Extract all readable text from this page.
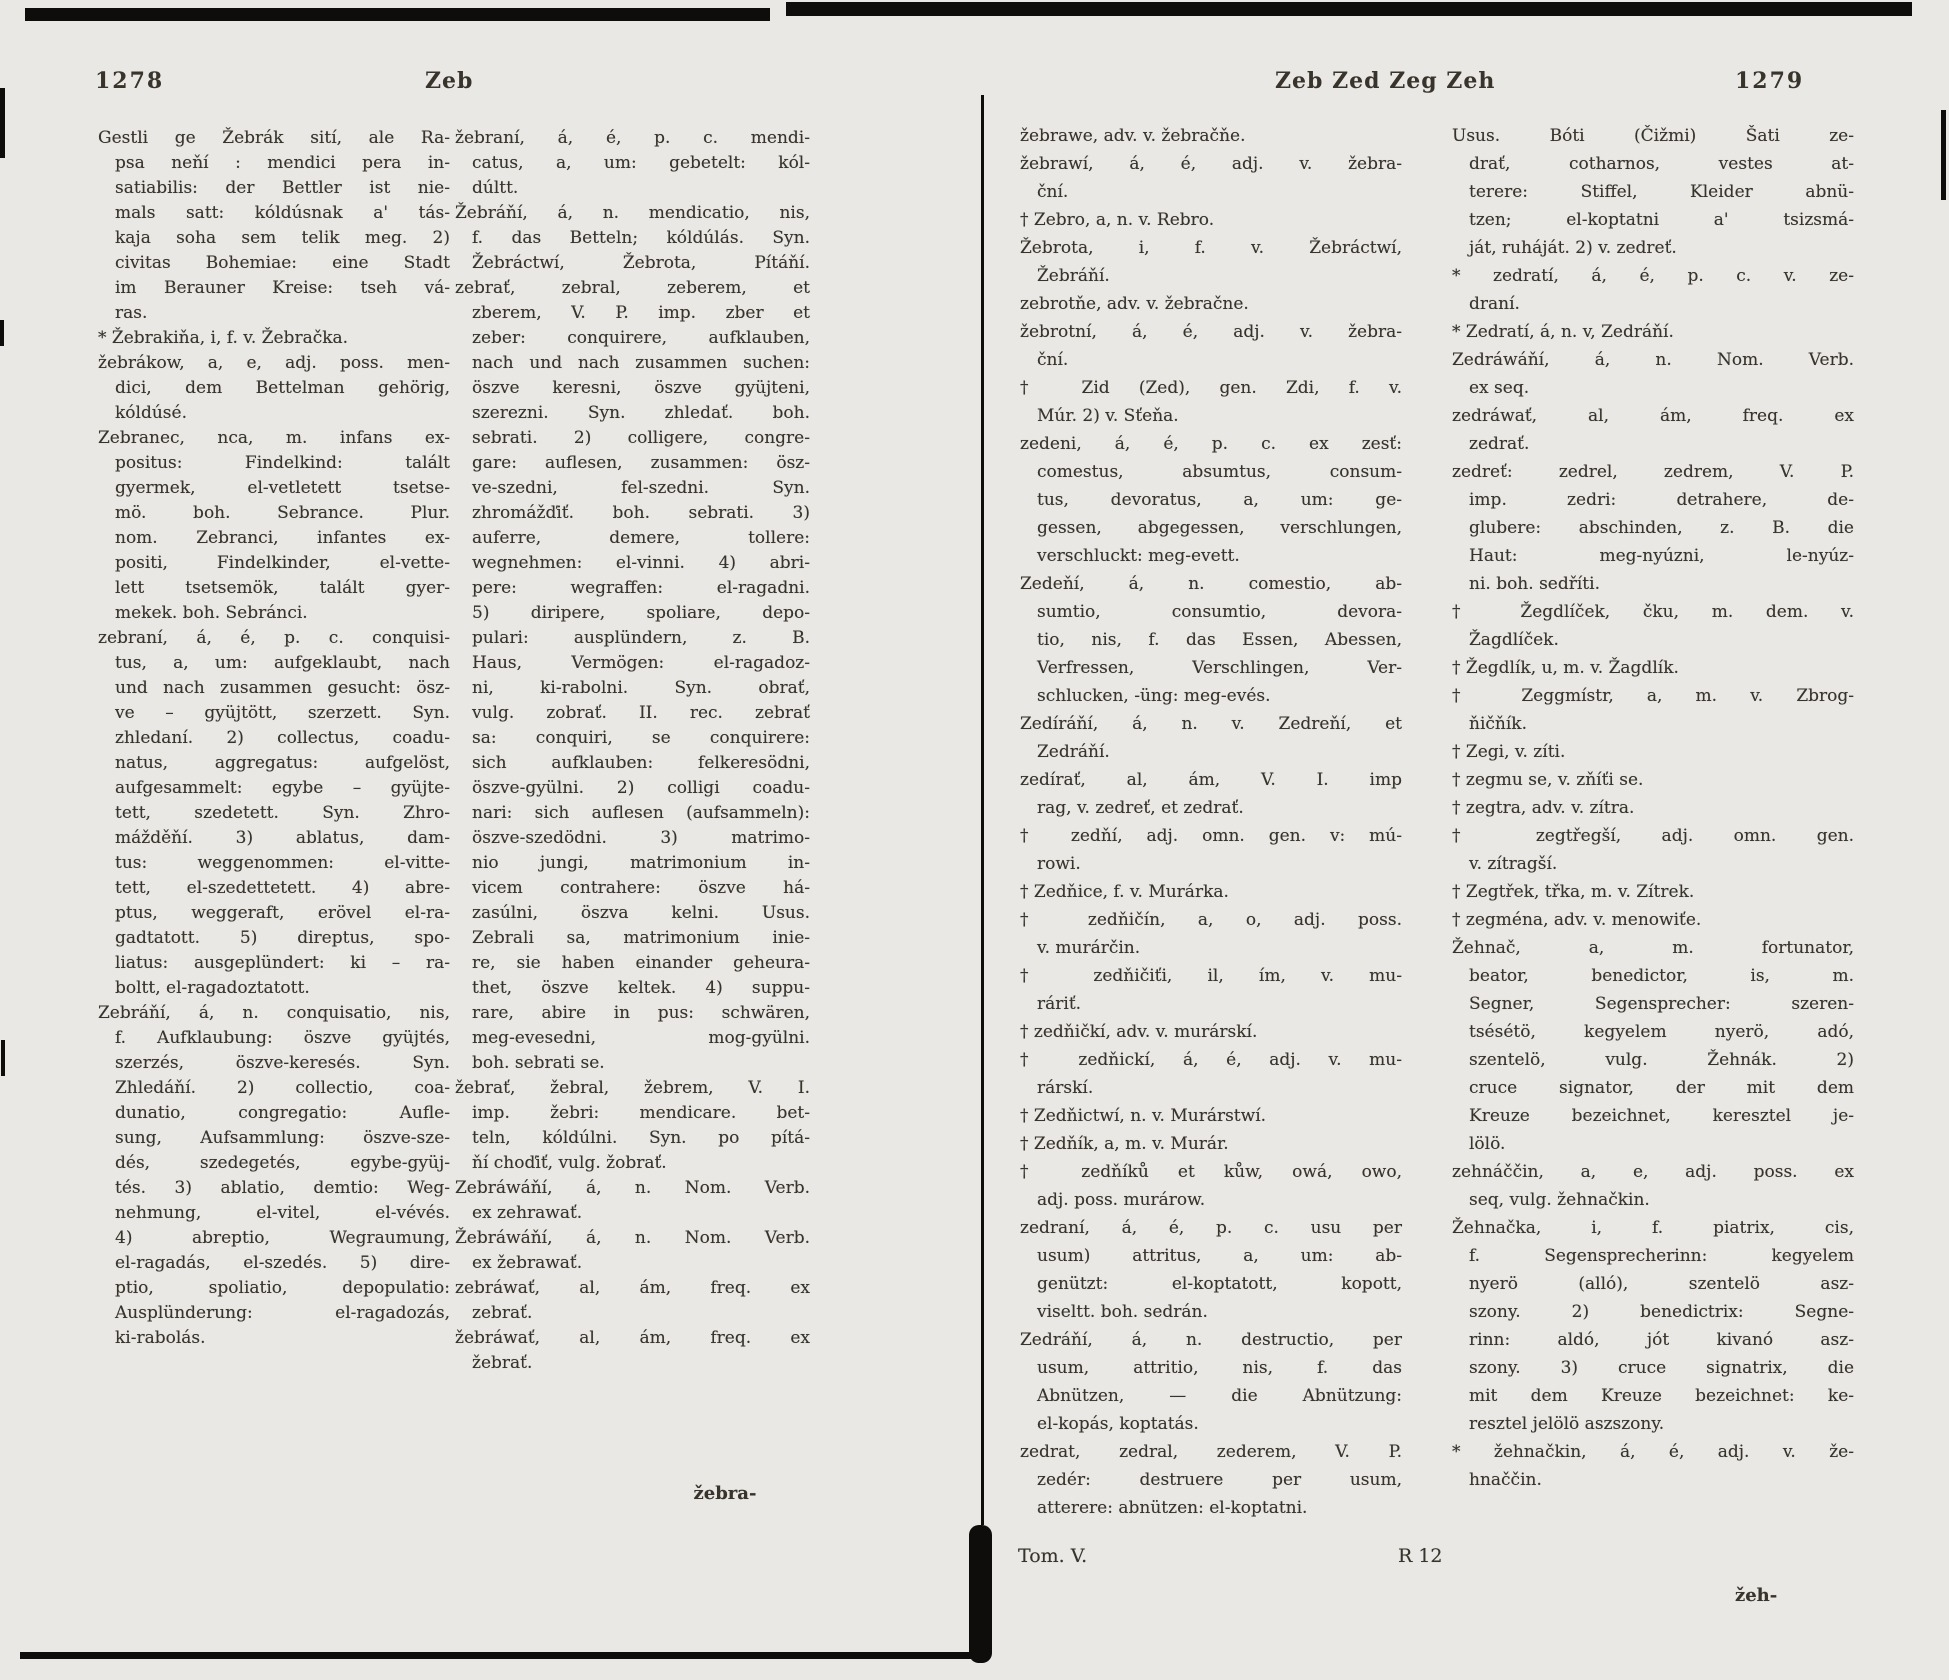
1278	Zeb
Gestli ge Žebrák sití, ale Ra-
psa neňí : mendici pera in-
satiabilis: der Bettler ist nie-
mals satt: kóldúsnak a' tás-
kaja soha sem telik meg. 2)
civitas Bohemiae: eine Stadt
im Berauner Kreise: tseh vá-
ras.
* Žebrakiňa, i, f. v. Žebračka.
žebrákow, a, e, adj. poss. men-
dici, dem Bettelman gehörig,
kóldúsé.
Zebranec, nca, m. infans ex-
positus: Findelkind: talált
gyermek, el-vetletett tsetse-
mö. boh. Sebrance. Plur.
nom. Zebranci, infantes ex-
positi, Findelkinder, el-vette-
lett tsetsemök, talált gyer-
mekek. boh. Sebránci.
zebraní, á, é, p. c. conquisi-
tus, a, um: aufgeklaubt, nach
und nach zusammen gesucht: ösz-
ve – gyüjtött, szerzett. Syn.
zhledaní. 2) collectus, coadu-
natus, aggregatus: aufgelöst,
aufgesammelt: egybe – gyüjte-
tett, szedetett. Syn. Zhro-
mážděňí. 3) ablatus, dam-
tus: weggenommen: el-vitte-
tett, el-szedettetett. 4) abre-
ptus, weggeraft, erövel el-ra-
gadtatott. 5) direptus, spo-
liatus: ausgeplündert: ki – ra-
boltt, el-ragadoztatott.
Zebráňí, á, n. conquisatio, nis,
f. Aufklaubung: öszve gyüjtés,
szerzés, öszve-keresés. Syn.
Zhledáňí. 2) collectio, coa-
dunatio, congregatio: Aufle-
sung, Aufsammlung: öszve-sze-
dés, szedegetés, egybe-gyüj-
tés. 3) ablatio, demtio: Weg-
nehmung, el-vitel, el-vévés.
4) abreptio, Wegraumung,
el-ragadás, el-szedés. 5) dire-
ptio, spoliatio, depopulatio:
Ausplünderung: el-ragadozás,
ki-rabolás.
žebraní, á, é, p. c. mendi-
catus, a, um: gebetelt: kól-
dúltt.
Žebráňí, á, n. mendicatio, nis,
f. das Betteln; kóldúlás. Syn.
Žebráctwí, Žebrota, Pítáňí.
zebrať, zebral, zeberem, et
zberem, V. P. imp. zber et
zeber: conquirere, aufklauben,
nach und nach zusammen suchen:
öszve keresni, öszve gyüjteni,
szerezni. Syn. zhledať. boh.
sebrati. 2) colligere, congre-
gare: auflesen, zusammen: ösz-
ve-szedni, fel-szedni. Syn.
zhromážďiť. boh. sebrati. 3)
auferre, demere, tollere:
wegnehmen: el-vinni. 4) abri-
pere: wegraffen: el-ragadni.
5) diripere, spoliare, depo-
pulari: ausplündern, z. B.
Haus, Vermögen: el-ragadoz-
ni, ki-rabolni. Syn. obrať,
vulg. zobrať. II. rec. zebrať
sa: conquiri, se conquirere:
sich aufklauben: felkeresödni,
öszve-gyülni. 2) colligi coadu-
nari: sich auflesen (aufsammeln):
öszve-szedödni. 3) matrimo-
nio jungi, matrimonium in-
vicem contrahere: öszve há-
zasúlni, öszva kelni. Usus.
Zebrali sa, matrimonium inie-
re, sie haben einander geheura-
thet, öszve keltek. 4) suppu-
rare, abire in pus: schwären,
meg-evesedni, mog-gyülni.
boh. sebrati se.
žebrať, žebral, žebrem, V. I.
imp. žebri: mendicare. bet-
teln, kóldúlni. Syn. po pítá-
ňí choďiť, vulg. žobrať.
Zebráwáňí, á, n. Nom. Verb.
ex zehrawať.
Žebráwáňí, á, n. Nom. Verb.
ex žebrawať.
zebráwať, al, ám, freq. ex
zebrať.
žebráwať, al, ám, freq. ex
žebrať.
žebra-
Zeb Zed Zeg Zeh	1279
žebrawe, adv. v. žebračňe.
žebrawí, á, é, adj. v. žebra-
ční.
† Zebro, a, n. v. Rebro.
Žebrota, i, f. v. Žebráctwí,
Žebráňí.
zebrotňe, adv. v. žebračne.
žebrotní, á, é, adj. v. žebra-
ční.
† Zid (Zed), gen. Zdi, f. v.
Múr. 2) v. Sťeňa.
zedeni, á, é, p. c. ex zesť:
comestus, absumtus, consum-
tus, devoratus, a, um: ge-
gessen, abgegessen, verschlungen,
verschluckt: meg-evett.
Zedeňí, á, n. comestio, ab-
sumtio, consumtio, devora-
tio, nis, f. das Essen, Abessen,
Verfressen, Verschlingen, Ver-
schlucken, -üng: meg-evés.
Zedíráňí, á, n. v. Zedreňí, et
Zedráňí.
zedírať, al, ám, V. I. imp
rag, v. zedreť, et zedrať.
† zedňí, adj. omn. gen. v: mú-
rowi.
† Zedňice, f. v. Murárka.
† zedňičín, a, o, adj. poss.
v. murárčin.
† zedňičiťi, il, ím, v. mu-
ráriť.
† zedňičkí, adv. v. murárskí.
† zedňickí, á, é, adj. v. mu-
rárskí.
† Zedňictwí, n. v. Murárstwí.
† Zedňík, a, m. v. Murár.
† zedňíků et kůw, owá, owo,
adj. poss. murárow.
zedraní, á, é, p. c. usu per
usum) attritus, a, um: ab-
genützt: el-koptatott, kopott,
viseltt. boh. sedrán.
Zedráňí, á, n. destructio, per
usum, attritio, nis, f. das
Abnützen, — die Abnützung:
el-kopás, koptatás.
zedrat, zedral, zederem, V. P.
zedér: destruere per usum,
atterere: abnützen: el-koptatni.
Usus. Bóti (Čižmi) Šati ze-
drať, cotharnos, vestes at-
terere: Stiffel, Kleider abnü-
tzen; el-koptatni a' tsizsmá-
ját, ruháját. 2) v. zedreť.
* zedratí, á, é, p. c. v. ze-
draní.
* Zedratí, á, n. v, Zedráňí.
Zedráwáňí, á, n. Nom. Verb.
ex seq.
zedráwať, al, ám, freq. ex
zedrať.
zedreť: zedrel, zedrem, V. P.
imp. zedri: detrahere, de-
glubere: abschinden, z. B. die
Haut: meg-nyúzni, le-nyúz-
ni. boh. sedříti.
† Žegdlíček, čku, m. dem. v.
Žagdlíček.
† Žegdlík, u, m. v. Žagdlík.
† Zeggmístr, a, m. v. Zbrog-
ňičňík.
† Zegi, v. zíti.
† zegmu se, v. zňíťi se.
† zegtra, adv. v. zítra.
† zegtřegší, adj. omn. gen.
v. zítragší.
† Zegtřek, třka, m. v. Zítrek.
† zegména, adv. v. menowiťe.
Žehnač, a, m. fortunator,
beator, benedictor, is, m.
Segner, Segensprecher: szeren-
tsésétö, kegyelem nyerö, adó,
szentelö, vulg. Žehnák. 2)
cruce signator, der mit dem
Kreuze bezeichnet, keresztel je-
lölö.
zehnáččin, a, e, adj. poss. ex
seq, vulg. žehnačkin.
Žehnačka, i, f. piatrix, cis,
f. Segensprecherinn: kegyelem
nyerö (alló), szentelö asz-
szony. 2) benedictrix: Segne-
rinn: aldó, jót kivanó asz-
szony. 3) cruce signatrix, die
mit dem Kreuze bezeichnet: ke-
resztel jelölö aszszony.
* žehnačkin, á, é, adj. v. že-
hnaččin.
Tom. V.	R 12
žeh-
